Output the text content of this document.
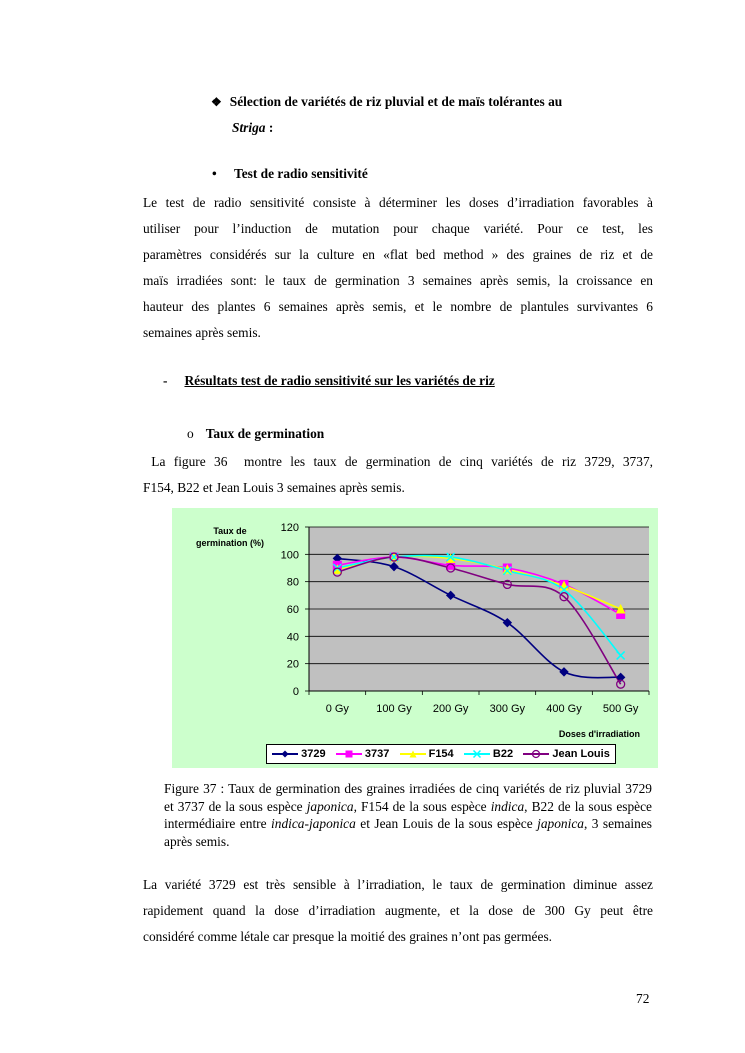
❖ Sélection de variétés de riz pluvial et de maïs tolérantes au
Striga :
•	Test de radio sensitivité
Le test de radio sensitivité consiste à déterminer les doses d’irradiation favorables à
utiliser pour l’induction de mutation pour chaque variété. Pour ce test, les
paramètres considérés sur la culture en «flat bed method » des graines de riz et de
maïs irradiées sont: le taux de germination 3 semaines après semis, la croissance en
hauteur des plantes 6 semaines après semis, et le nombre de plantules survivantes 6
semaines après semis.
- Résultats test de radio sensitivité sur les variétés de riz
o Taux de germination
La figure 36  montre les taux de germination de cinq variétés de riz 3729, 3737,
F154, B22 et Jean Louis 3 semaines après semis.
Taux de
germination (%)
Doses d'irradiation
0
20
40
60
80
100
120
0 Gy 100 Gy 200 Gy 300 Gy 400 Gy 500 Gy
3729	3737	F154	B22	Jean Louis
Figure 37 : Taux de germination des graines irradiées de cinq variétés de riz pluvial 3729 et 3737 de la sous espèce japonica, F154 de la sous espèce indica, B22 de la sous espèce intermédiaire entre indica-japonica et Jean Louis de la sous espèce japonica, 3 semaines après semis.
La variété 3729 est très sensible à l’irradiation, le taux de germination diminue assez
rapidement quand la dose d’irradiation augmente, et la dose de 300 Gy peut être
considéré comme létale car presque la moitié des graines n’ont pas germées.
72
